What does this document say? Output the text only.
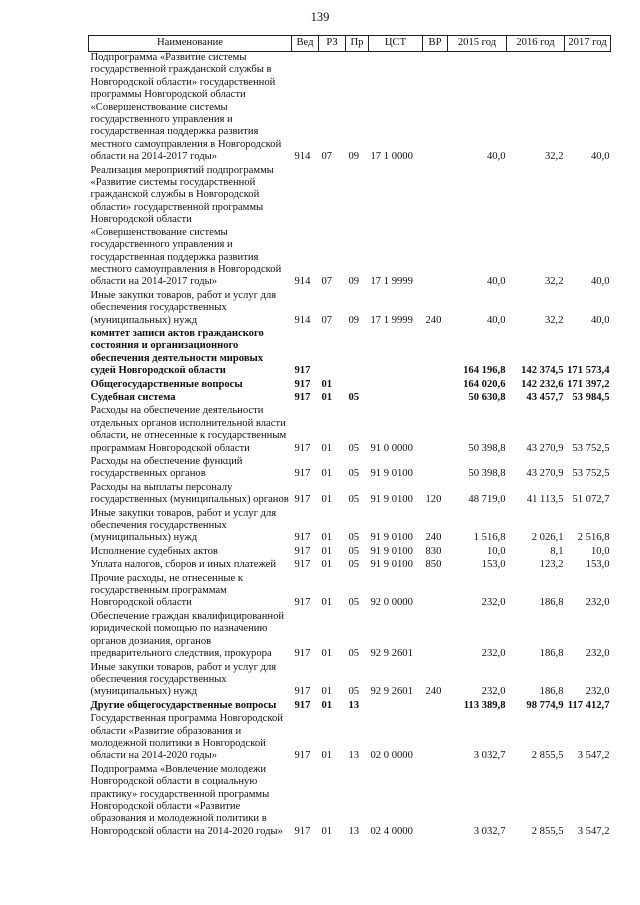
139
Наименование	Вед	РЗ	Пр	ЦСТ	ВР	2015 год	2016 год	2017 год
Подпрограмма «Развитие системы государственной гражданской службы в Новгородской области» государственной программы Новгородской области «Совершенствование системы государственного управления и государственная поддержка развития местного самоуправления в Новгородской области на 2014-2017 годы»	914	07	09	17 1 0000		40,0	32,2	40,0
Реализация мероприятий подпрограммы «Развитие системы государственной гражданской службы в Новгородской области» государственной программы Новгородской области «Совершенствование системы государственного управления и государственная поддержка развития местного самоуправления в Новгородской области на 2014-2017 годы»	914	07	09	17 1 9999		40,0	32,2	40,0
Иные закупки товаров, работ и услуг для обеспечения государственных (муниципальных) нужд	914	07	09	17 1 9999	240	40,0	32,2	40,0
комитет записи актов гражданского состояния и организационного обеспечения деятельности мировых судей Новгородской области	917					164 196,8	142 374,5	171 573,4
Общегосударственные вопросы	917	01				164 020,6	142 232,6	171 397,2
Судебная система	917	01	05			50 630,8	43 457,7	53 984,5
Расходы на обеспечение деятельности отдельных органов исполнительной власти области, не отнесенные к государственным программам Новгородской области	917	01	05	91 0 0000		50 398,8	43 270,9	53 752,5
Расходы на обеспечение функций государственных органов	917	01	05	91 9 0100		50 398,8	43 270,9	53 752,5
Расходы на выплаты персоналу государственных (муниципальных) органов	917	01	05	91 9 0100	120	48 719,0	41 113,5	51 072,7
Иные закупки товаров, работ и услуг для обеспечения государственных (муниципальных) нужд	917	01	05	91 9 0100	240	1 516,8	2 026,1	2 516,8
Исполнение судебных актов	917	01	05	91 9 0100	830	10,0	8,1	10,0
Уплата налогов, сборов и иных платежей	917	01	05	91 9 0100	850	153,0	123,2	153,0
Прочие расходы, не отнесенные к государственным программам Новгородской области	917	01	05	92 0 0000		232,0	186,8	232,0
Обеспечение граждан квалифицированной юридической помощью по назначению органов дознания, органов предварительного следствия, прокурора	917	01	05	92 9 2601		232,0	186,8	232,0
Иные закупки товаров, работ и услуг для обеспечения государственных (муниципальных) нужд	917	01	05	92 9 2601	240	232,0	186,8	232,0
Другие общегосударственные вопросы	917	01	13			113 389,8	98 774,9	117 412,7
Государственная программа Новгородской области «Развитие образования и молодежной политики в Новгородской области на 2014-2020 годы»	917	01	13	02 0 0000		3 032,7	2 855,5	3 547,2
Подпрограмма «Вовлечение молодежи Новгородской области в социальную практику» государственной программы Новгородской области «Развитие образования и молодежной политики в Новгородской области на 2014-2020 годы»	917	01	13	02 4 0000		3 032,7	2 855,5	3 547,2
